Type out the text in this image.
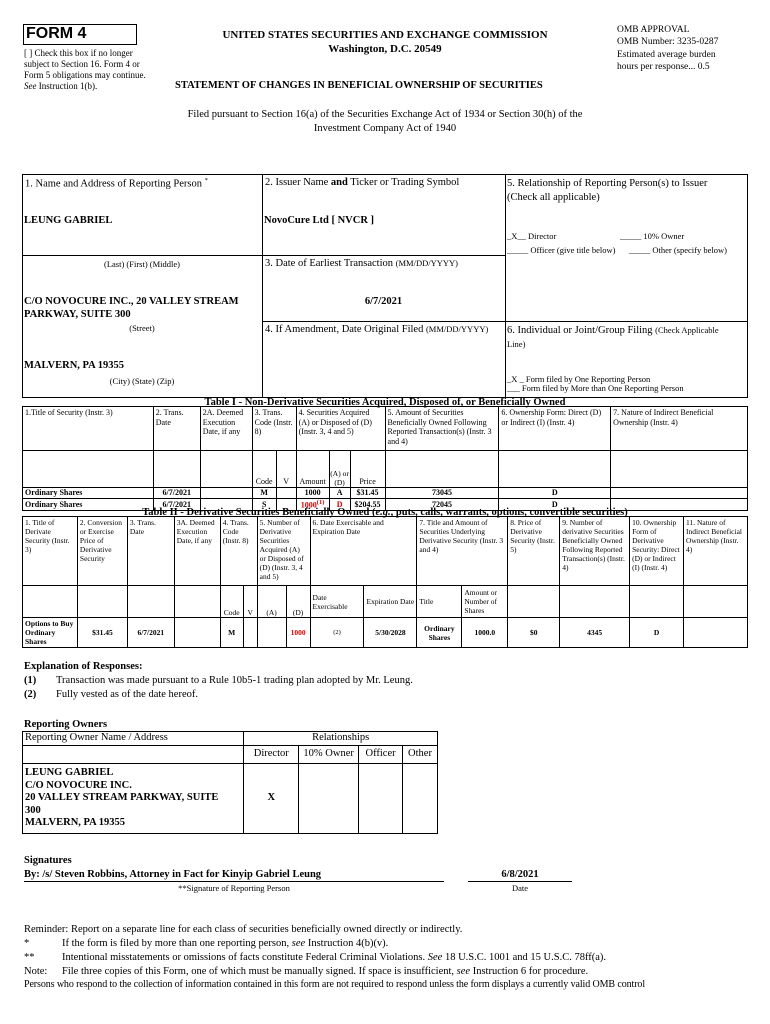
FORM 4
[ ] Check this box if no longer subject to Section 16. Form 4 or Form 5 obligations may continue. See Instruction 1(b).
UNITED STATES SECURITIES AND EXCHANGE COMMISSION
Washington, D.C. 20549
STATEMENT OF CHANGES IN BENEFICIAL OWNERSHIP OF SECURITIES
OMB APPROVAL
OMB Number: 3235-0287
Estimated average burden
hours per response... 0.5
Filed pursuant to Section 16(a) of the Securities Exchange Act of 1934 or Section 30(h) of the
Investment Company Act of 1940
1. Name and Address of Reporting Person *
LEUNG GABRIEL
(Last) (First) (Middle)
C/O NOVOCURE INC., 20 VALLEY STREAM PARKWAY, SUITE 300
(Street)
MALVERN, PA 19355
(City) (State) (Zip)
2. Issuer Name and Ticker or Trading Symbol
NovoCure Ltd [ NVCR ]
3. Date of Earliest Transaction (MM/DD/YYYY)
6/7/2021
4. If Amendment, Date Original Filed (MM/DD/YYYY)
5. Relationship of Reporting Person(s) to Issuer
(Check all applicable)
_X__ Director	_____ 10% Owner
_____ Officer (give title below) _____ Other (specify below)
6. Individual or Joint/Group Filing (Check Applicable
Line)
_X _ Form filed by One Reporting Person
___ Form filed by More than One Reporting Person
Table I - Non-Derivative Securities Acquired, Disposed of, or Beneficially Owned
1.Title of Security (Instr. 3)	2. Trans. Date	2A. Deemed Execution Date, if any	3. Trans. Code (Instr. 8)		4. Securities Acquired (A) or Disposed of (D) (Instr. 3, 4 and 5)			5. Amount of Securities Beneficially Owned Following Reported Transaction(s) (Instr. 3 and 4)	6. Ownership Form: Direct (D) or Indirect (I) (Instr. 4)	7. Nature of Indirect Beneficial Ownership (Instr. 4)
			Code	V	Amount	(A) or (D)	Price			
Ordinary Shares	6/7/2021		M		1000	A	$31.45	73045	D	
Ordinary Shares	6/7/2021		S		1000$^{(1)}$	D	$204.55	72045	D	
Table II - Derivative Securities Beneficially Owned (e.g., puts, calls, warrants, options, convertible securities)
1. Title of Derivate Security (Instr. 3)	2. Conversion or Exercise Price of Derivative Security	3. Trans. Date	3A. Deemed Execution Date, if any	4. Trans. Code (Instr. 8)		5. Number of Derivative Securities Acquired (A) or Disposed of (D) (Instr. 3, 4 and 5)		6. Date Exercisable and Expiration Date		7. Title and Amount of Securities Underlying Derivative Security (Instr. 3 and 4)		8. Price of Derivative Security (Instr. 5)	9. Number of derivative Securities Beneficially Owned Following Reported Transaction(s) (Instr. 4)	10. Ownership Form of Derivative Security: Direct (D) or Indirect (I) (Instr. 4)	11. Nature of Indirect Beneficial Ownership (Instr. 4)
				Code	V	(A)	(D)	Date Exercisable	Expiration Date	Title	Amount or Number of Shares				
Options to Buy Ordinary Shares	$31.45	6/7/2021		M			1000	(2)	5/30/2028	Ordinary Shares	1000.0	$0	4345	D	
Explanation of Responses:
(1) Transaction was made pursuant to a Rule 10b5-1 trading plan adopted by Mr. Leung.
(2) Fully vested as of the date hereof.
Reporting Owners
Reporting Owner Name / Address	Relationships			
	Director	10% Owner	Officer	Other

LEUNG GABRIEL
C/O NOVOCURE INC.
20 VALLEY STREAM PARKWAY, SUITE
300
MALVERN, PA 19355	X			
Signatures
By: /s/ Steven Robbins, Attorney in Fact for Kinyip Gabriel Leung
**Signature of Reporting Person
6/8/2021
Date
Reminder: Report on a separate line for each class of securities beneficially owned directly or indirectly.
*	If the form is filed by more than one reporting person, see Instruction 4(b)(v).
**	Intentional misstatements or omissions of facts constitute Federal Criminal Violations. See 18 U.S.C. 1001 and 15 U.S.C. 78ff(a).
Note: File three copies of this Form, one of which must be manually signed. If space is insufficient, see Instruction 6 for procedure.
Persons who respond to the collection of information contained in this form are not required to respond unless the form displays a currently valid OMB control
